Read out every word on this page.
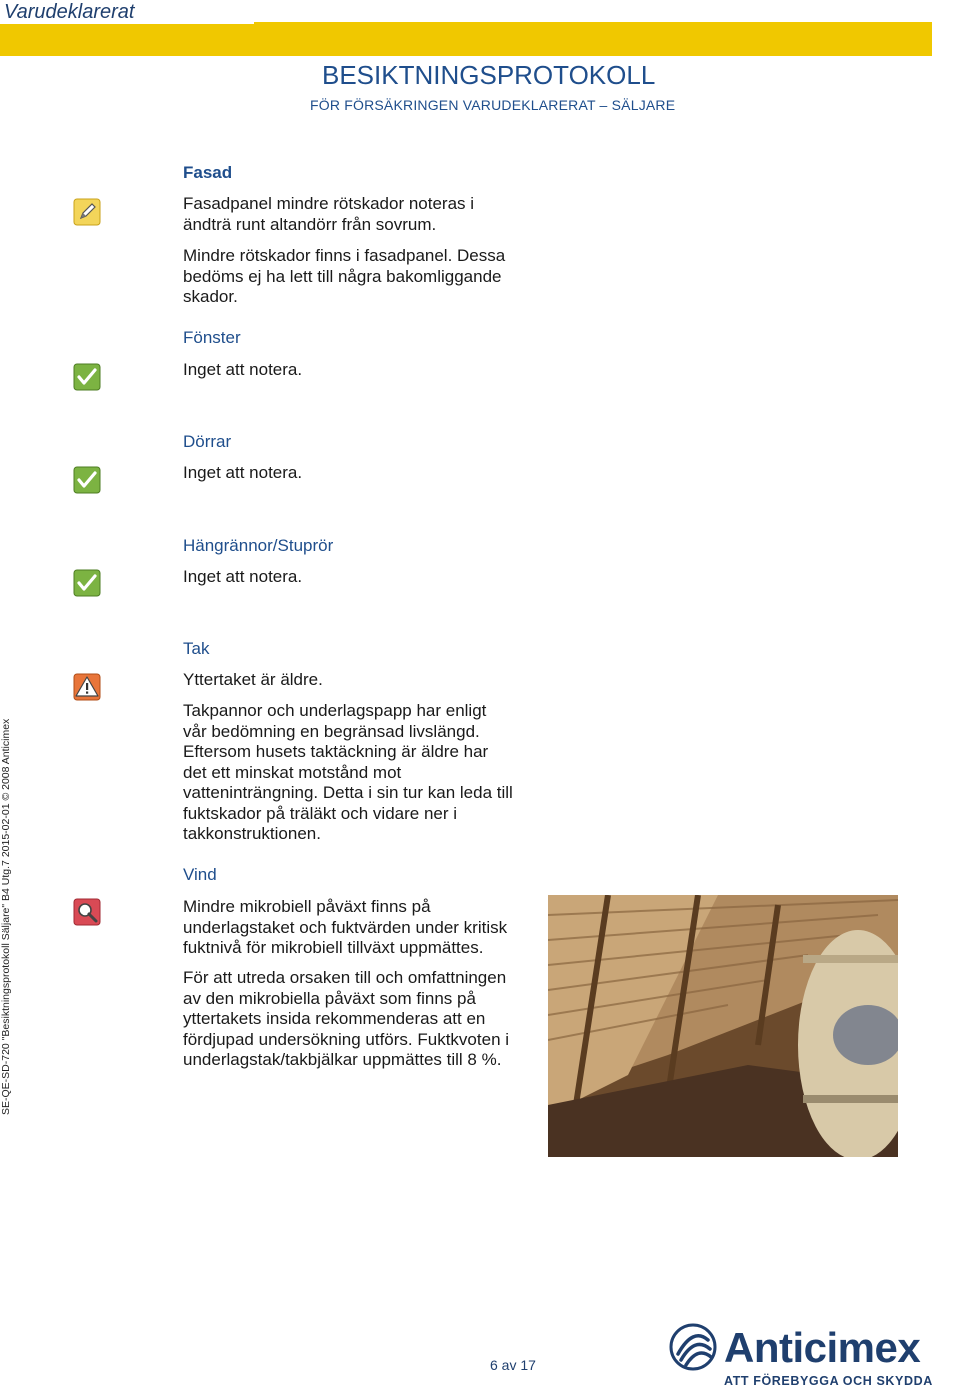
Varudeklarerat
BESIKTNINGSPROTOKOLL
FÖR FÖRSÄKRINGEN VARUDEKLARERAT – SÄLJARE
Fasad
Fasadpanel mindre rötskador noteras i ändträ runt altandörr från sovrum.
Mindre rötskador finns i fasadpanel. Dessa bedöms ej ha lett till några bakomliggande skador.
Fönster
Inget att notera.
Dörrar
Inget att notera.
Hängrännor/Stuprör
Inget att notera.
Tak
Yttertaket är äldre.
Takpannor och underlagspapp har enligt vår bedömning en begränsad livslängd. Eftersom husets taktäckning är äldre har det ett minskat motstånd mot vatteninträngning. Detta i sin tur kan leda till fuktskador på träläkt och vidare ner i takkonstruktionen.
Vind
Mindre mikrobiell påväxt finns på underlagstaket och fuktvärden under kritisk fuktnivå för mikrobiell tillväxt uppmättes.
För att utreda orsaken till och omfattningen av den mikrobiella påväxt som finns på yttertakets insida rekommenderas att en fördjupad undersökning utförs. Fuktkvoten i underlagstak/takbjälkar uppmättes till 8 %.
SE-QE-SD-720 "Besiktningsprotokoll Säljare" B4 Utg.7 2015-02-01 © 2008 Anticimex
6 av 17	Anticimex
ATT FÖREBYGGA OCH SKYDDA
